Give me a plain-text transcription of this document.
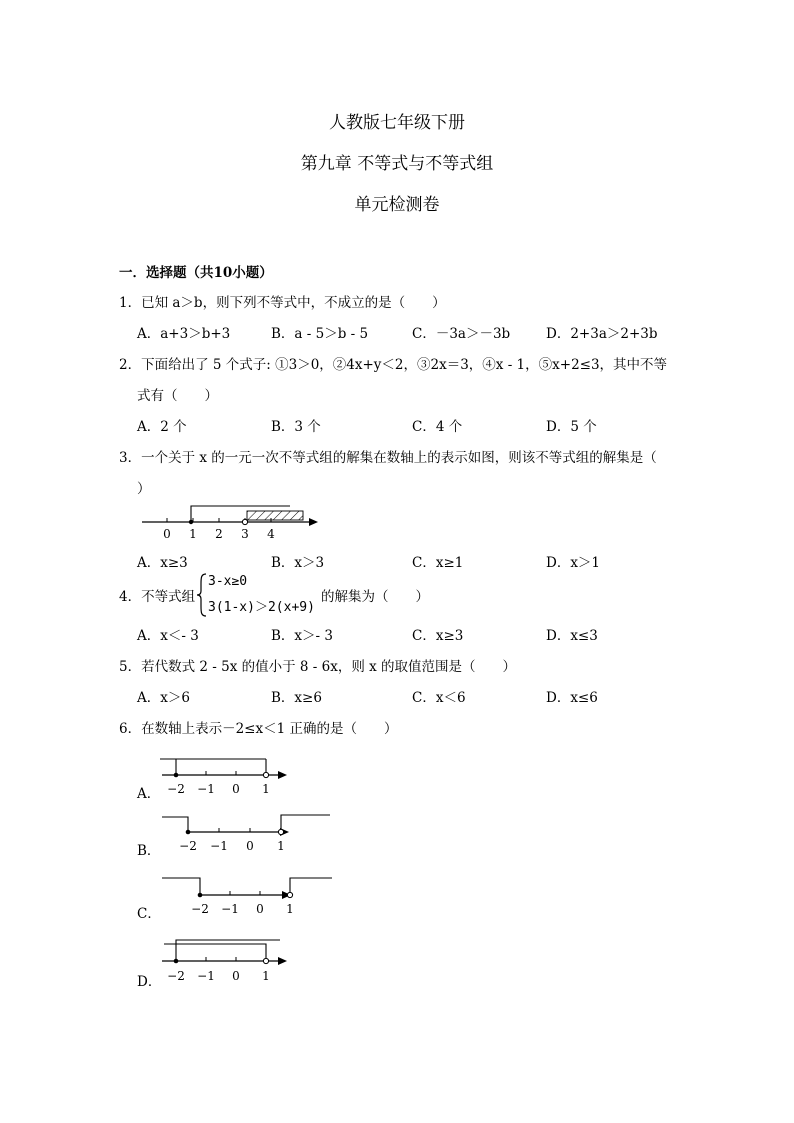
人教版七年级下册
第九章 不等式与不等式组
单元检测卷
一．选择题（共10小题）
1．已知 a＞b，则下列不等式中，不成立的是（　　）
A．a+3＞b+3	B．a - 5＞b - 5	C．－3a＞－3b	D．2+3a＞2+3b
2．下面给出了 5 个式子: ①3＞0，②4x+y＜2，③2x＝3，④x - 1，⑤x+2≤3，其中不等
式有（　　）
A．2 个	B．3 个	C．4 个	D．5 个
3．一个关于 x 的一元一次不等式组的解集在数轴上的表示如图，则该不等式组的解集是（
）
0 1 2 3 4
A．x≥3	B．x＞3	C．x≥1	D．x＞1
4．不等式组
3-x≥0
3(1-x)＞2(x+9)
的解集为（　　）
A．x＜- 3	B．x＞- 3	C．x≥3	D．x≤3
5．若代数式 2 - 5x 的值小于 8 - 6x，则 x 的取值范围是（　　）
A．x＞6	B．x≥6	C．x＜6	D．x≤6
6．在数轴上表示－2≤x＜1 正确的是（　　）
A． −2 −1 0 1
B． −2 −1 0 1
C．	−2 −1 0 1
D． −2 −1 0 1
